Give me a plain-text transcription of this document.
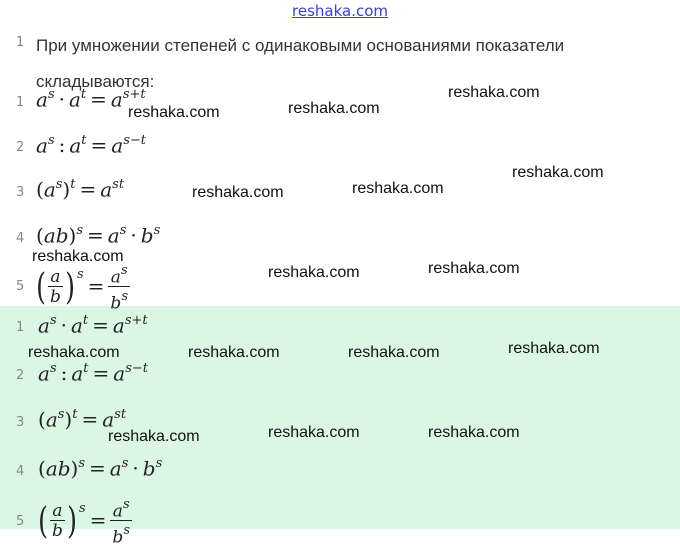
reshaka.com
1 При умножении степеней с одинаковыми основаниями показатели складываются:
1 $a^s \cdot a^t = a^{s+t}$
2 $a^s$ : $a^t = a^{s-t}$
3 $(a^s)^t = a^{st}$
4 $(ab)^s = a^s \cdot b^s$
5 ( $\frac{a}{b}$ ) $^s= \frac{a^s}{b^s}$
1 $a^s \cdot a^t = a^{s+t}$
2 $a^s$ : $a^t = a^{s-t}$
3 $(a^s)^t = a^{st}$
4 $(ab)^s = a^s \cdot b^s$
5 ( $\frac{a}{b}$ ) $^s= \frac{a^s}{b^s}$
reshaka.com	reshaka.com
reshaka.com
reshaka.com	reshaka.com
reshaka.com
reshaka.com
reshaka.com	reshaka.com
reshaka.com	reshaka.com	reshaka.com	reshaka.com
reshaka.com	reshaka.com	reshaka.com
